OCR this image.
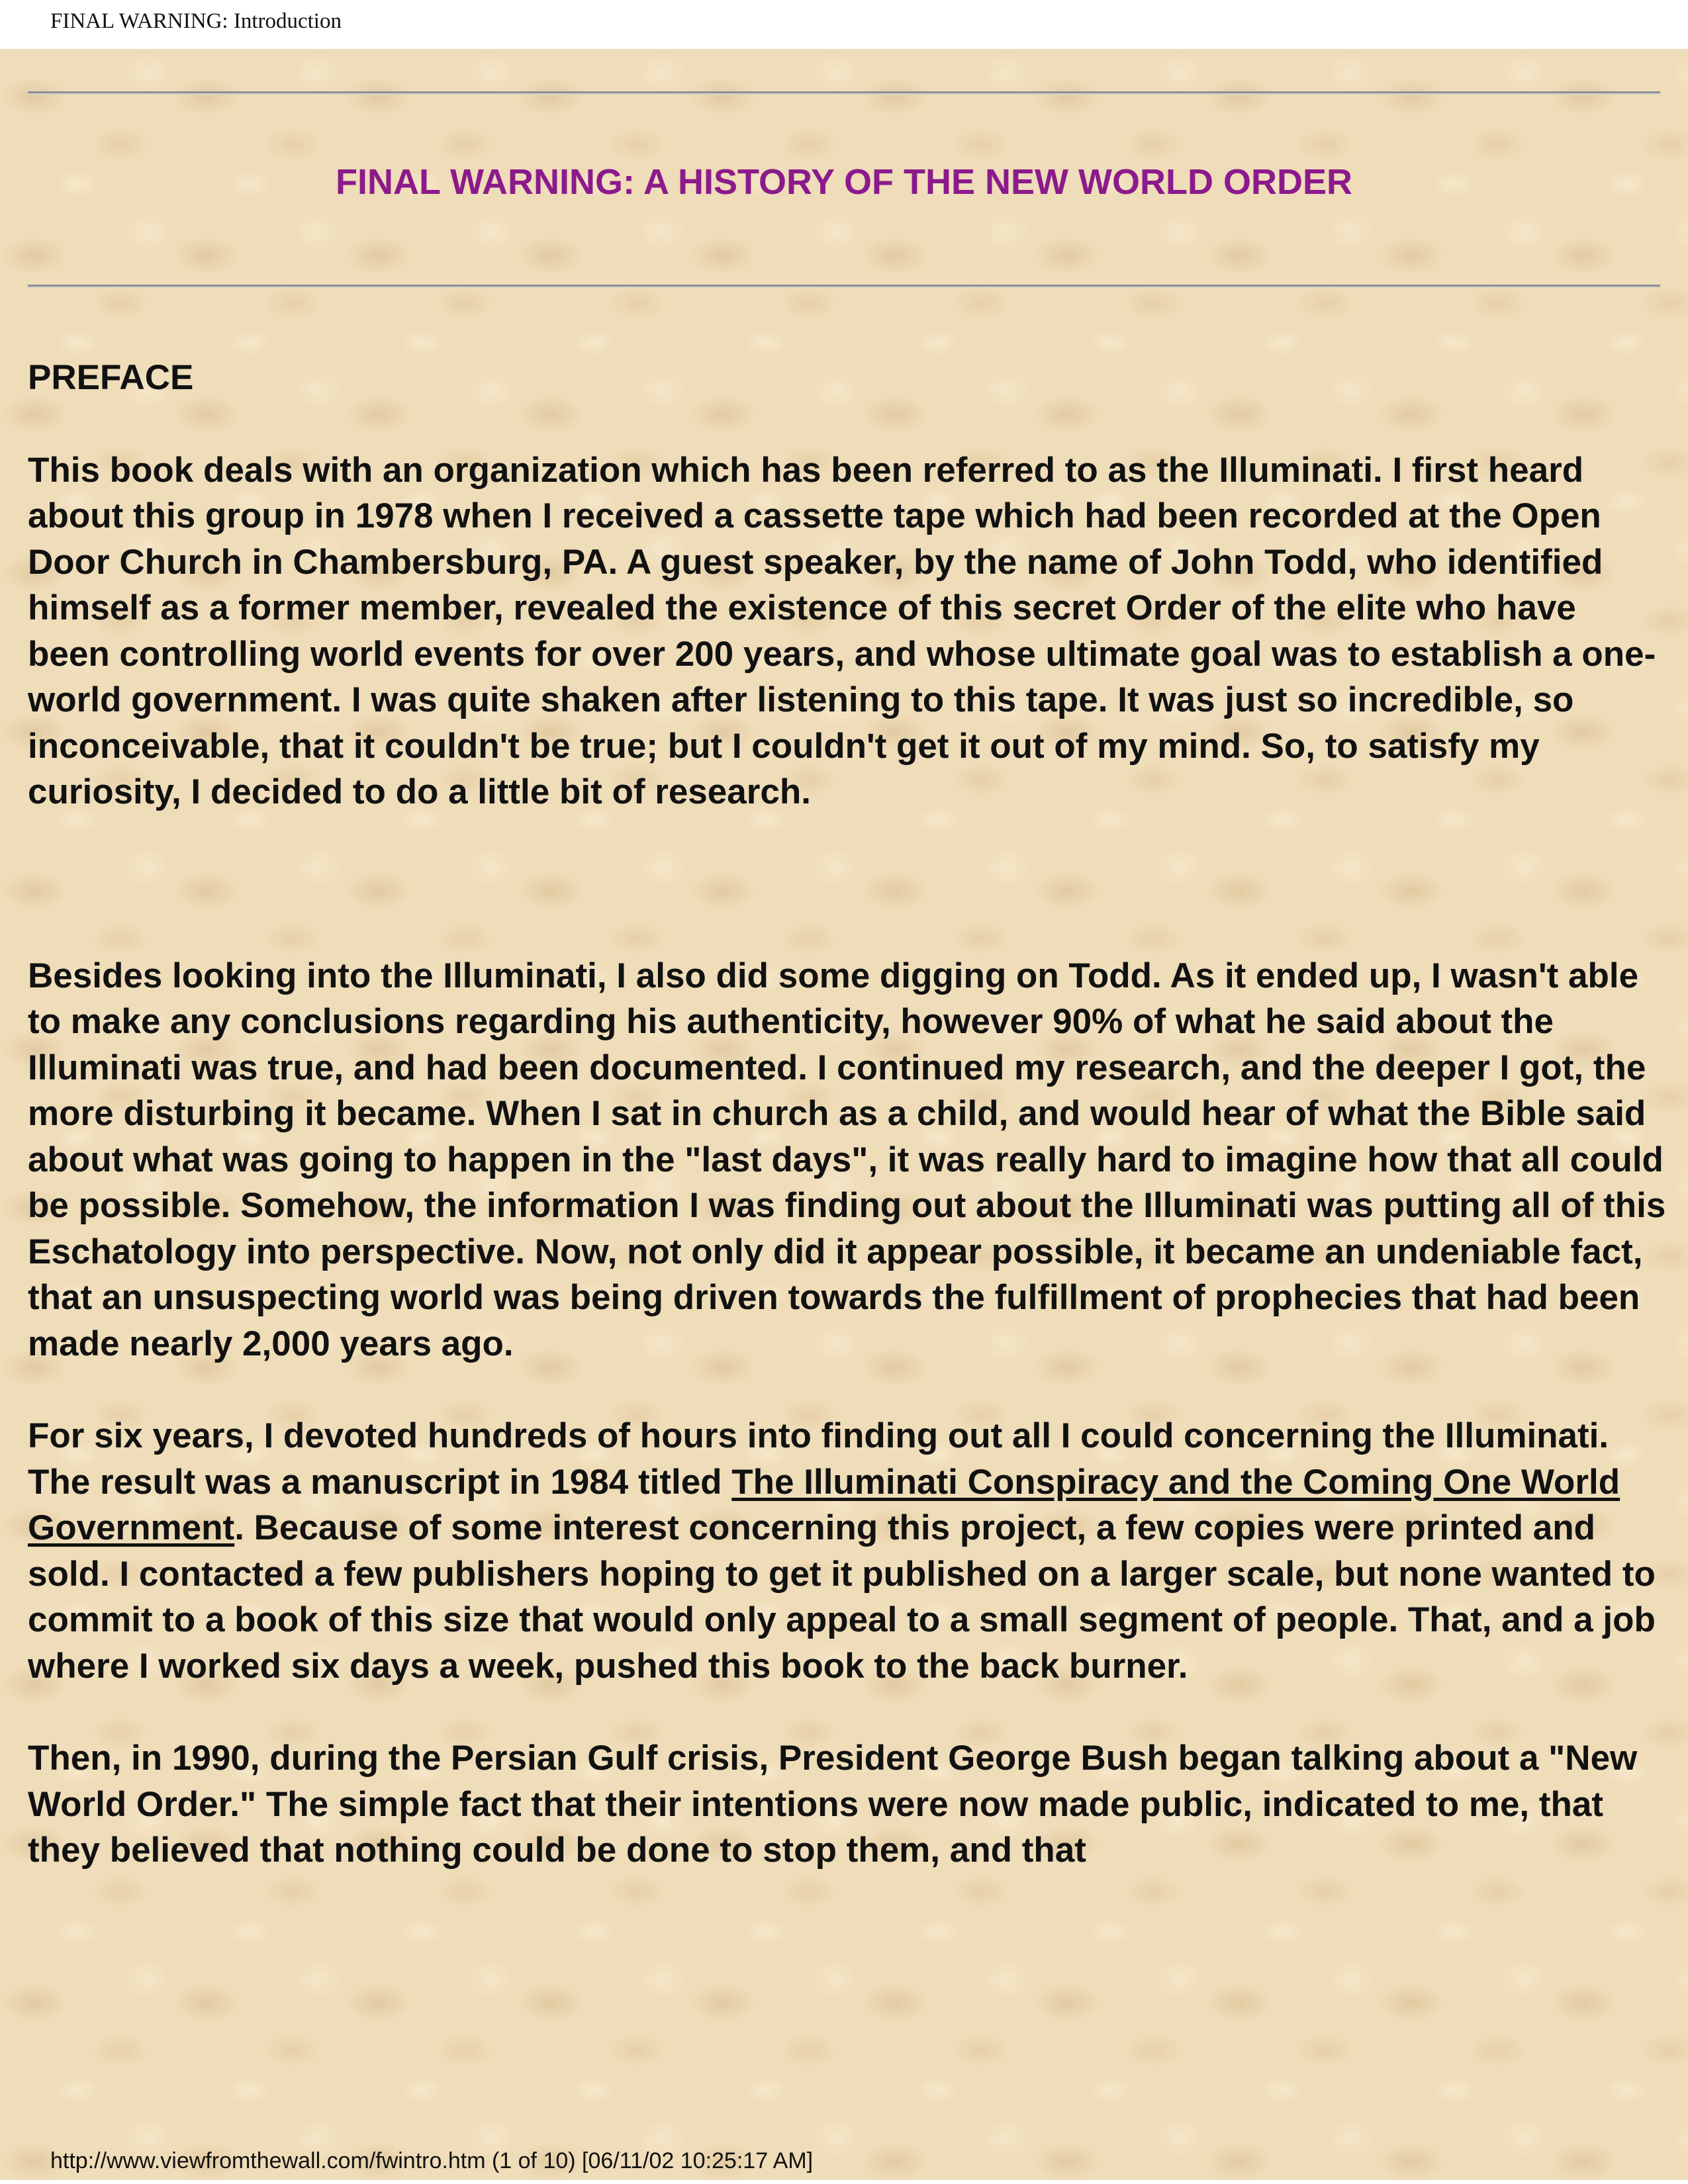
FINAL WARNING: Introduction
FINAL WARNING: A HISTORY OF THE NEW WORLD ORDER

PREFACE

This book deals with an organization which has been referred to as the Illuminati. I first heard about this group in 1978 when I received a cassette tape which had been recorded at the Open Door Church in Chambersburg, PA. A guest speaker, by the name of John Todd, who identified himself as a former member, revealed the existence of this secret Order of the elite who have been controlling world events for over 200 years, and whose ultimate goal was to establish a one-world government. I was quite shaken after listening to this tape. It was just so incredible, so inconceivable, that it couldn't be true; but I couldn't get it out of my mind. So, to satisfy my curiosity, I decided to do a little bit of research.

Besides looking into the Illuminati, I also did some digging on Todd. As it ended up, I wasn't able to make any conclusions regarding his authenticity, however 90% of what he said about the Illuminati was true, and had been documented. I continued my research, and the deeper I got, the more disturbing it became. When I sat in church as a child, and would hear of what the Bible said about what was going to happen in the "last days", it was really hard to imagine how that all could be possible. Somehow, the information I was finding out about the Illuminati was putting all of this Eschatology into perspective. Now, not only did it appear possible, it became an undeniable fact, that an unsuspecting world was being driven towards the fulfillment of prophecies that had been made nearly 2,000 years ago.

For six years, I devoted hundreds of hours into finding out all I could concerning the Illuminati. The result was a manuscript in 1984 titled The Illuminati Conspiracy and the Coming One World Government. Because of some interest concerning this project, a few copies were printed and sold. I contacted a few publishers hoping to get it published on a larger scale, but none wanted to commit to a book of this size that would only appeal to a small segment of people. That, and a job where I worked six days a week, pushed this book to the back burner.

Then, in 1990, during the Persian Gulf crisis, President George Bush began talking about a "New World Order." The simple fact that their intentions were now made public, indicated to me, that they believed that nothing could be done to stop them, and that

http://www.viewfromthewall.com/fwintro.htm (1 of 10) [06/11/02 10:25:17 AM]
